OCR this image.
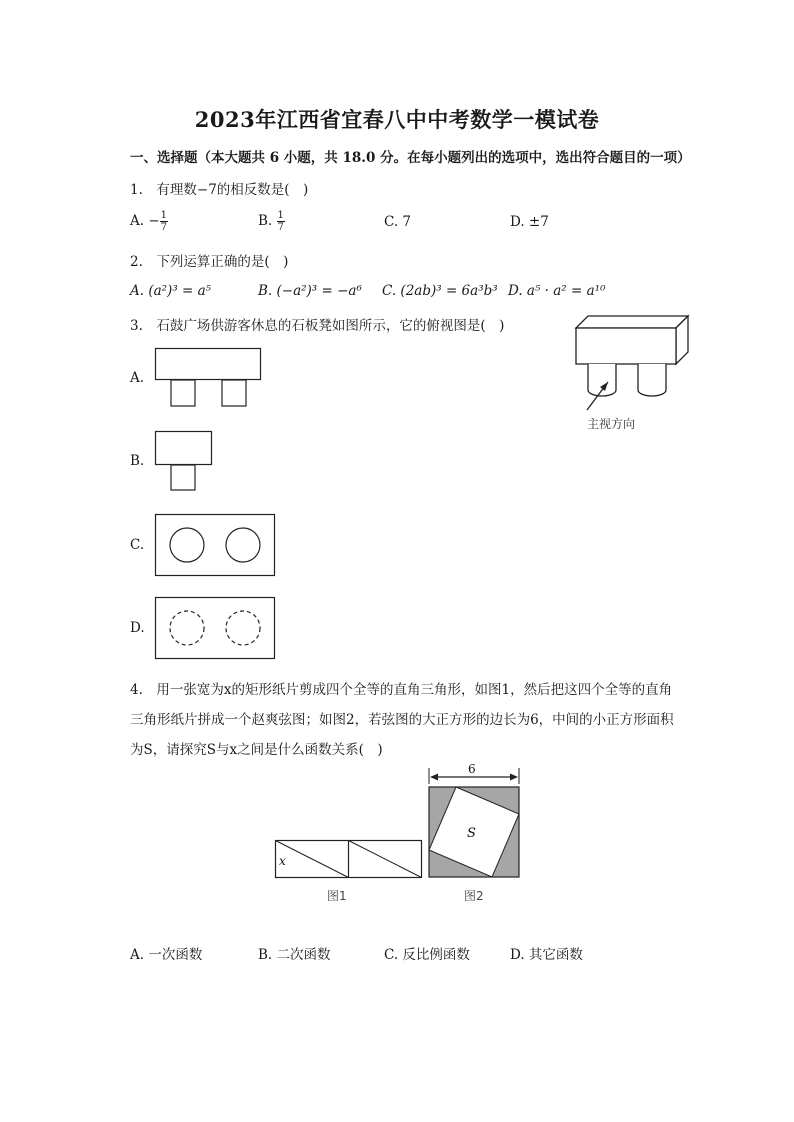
2023年江西省宜春八中中考数学一模试卷
一、选择题（本大题共 6 小题，共 18.0 分。在每小题列出的选项中，选出符合题目的一项）
1.　有理数−7的相反数是(　)
A. − $\frac{1}{7}$	B. $\frac{1}{7}$	C. 7	D. ±7
2.　下列运算正确的是(　)
A. (a²)³ = a⁵	B. (−a²)³ = −a⁶ C. (2ab)³ = 6a³b³ D. a⁵ · a² = a¹⁰
3.　石鼓广场供游客休息的石板凳如图所示，它的俯视图是(　)
主视方向
A.
B.
C.
D.
4.　用一张宽为x的矩形纸片剪成四个全等的直角三角形，如图1，然后把这四个全等的直角
三角形纸片拼成一个赵爽弦图；如图2，若弦图的大正方形的边长为6，中间的小正方形面积
为S，请探究S与x之间是什么函数关系(　)
x
图1
6
S
图2
A. 一次函数	B. 二次函数	C. 反比例函数	D. 其它函数
